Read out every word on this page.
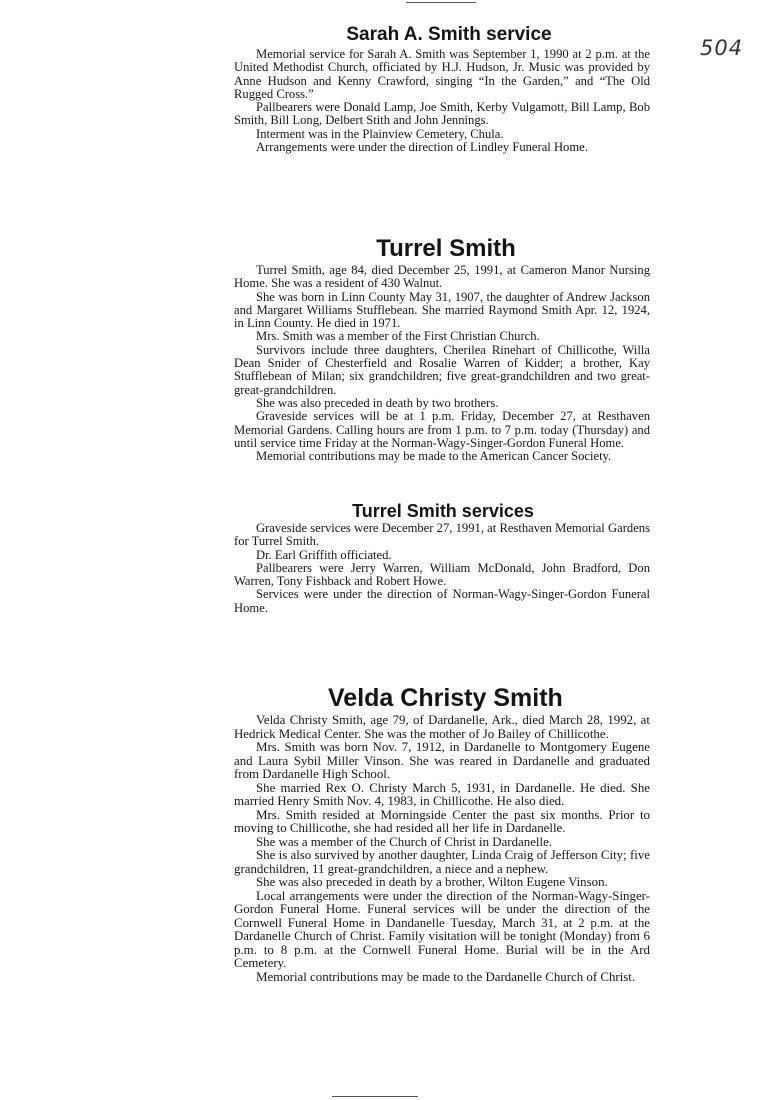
504
Sarah A. Smith service

Memorial service for Sarah A. Smith was September 1, 1990 at 2 p.m. at the United Methodist Church, officiated by H.J. Hudson, Jr. Music was provided by Anne Hudson and Kenny Crawford, singing “In the Garden,” and “The Old Rugged Cross.”

Pallbearers were Donald Lamp, Joe Smith, Kerby Vulgamott, Bill Lamp, Bob Smith, Bill Long, Delbert Stith and John Jennings.

Interment was in the Plainview Cemetery, Chula.

Arrangements were under the direction of Lindley Funeral Home.

Turrel Smith

Turrel Smith, age 84, died December 25, 1991, at Cameron Manor Nursing Home. She was a resident of 430 Walnut.

She was born in Linn County May 31, 1907, the daughter of Andrew Jackson and Margaret Williams Stufflebean. She married Raymond Smith Apr. 12, 1924, in Linn County. He died in 1971.

Mrs. Smith was a member of the First Christian Church.

Survivors include three daughters, Cherilea Rinehart of Chillicothe, Willa Dean Snider of Chesterfield and Rosalie Warren of Kidder; a brother, Kay Stufflebean of Milan; six grandchildren; five great-grandchildren and two great-great-grandchildren.

She was also preceded in death by two brothers.

Graveside services will be at 1 p.m. Friday, December 27, at Resthaven Memorial Gardens. Calling hours are from 1 p.m. to 7 p.m. today (Thursday) and until service time Friday at the Norman-Wagy-Singer-Gordon Funeral Home.

Memorial contributions may be made to the American Cancer Society.

Turrel Smith services

Graveside services were December 27, 1991, at Resthaven Memorial Gardens for Turrel Smith.

Dr. Earl Griffith officiated.

Pallbearers were Jerry Warren, William McDonald, John Bradford, Don Warren, Tony Fishback and Robert Howe.

Services were under the direction of Norman-Wagy-Singer-Gordon Funeral Home.

Velda Christy Smith

Velda Christy Smith, age 79, of Dardanelle, Ark., died March 28, 1992, at Hedrick Medical Center. She was the mother of Jo Bailey of Chillicothe.

Mrs. Smith was born Nov. 7, 1912, in Dardanelle to Montgomery Eugene and Laura Sybil Miller Vinson. She was reared in Dardanelle and graduated from Dardanelle High School.

She married Rex O. Christy March 5, 1931, in Dardanelle. He died. She married Henry Smith Nov. 4, 1983, in Chillicothe. He also died.

Mrs. Smith resided at Morningside Center the past six months. Prior to moving to Chillicothe, she had resided all her life in Dardanelle.

She was a member of the Church of Christ in Dardanelle.

She is also survived by another daughter, Linda Craig of Jefferson City; five grandchildren, 11 great-grandchildren, a niece and a nephew.

She was also preceded in death by a brother, Wilton Eugene Vinson.

Local arrangements were under the direction of the Norman-Wagy-Singer-Gordon Funeral Home. Funeral services will be under the direction of the Cornwell Funeral Home in Dandanelle Tuesday, March 31, at 2 p.m. at the Dardanelle Church of Christ. Family visitation will be tonight (Monday) from 6 p.m. to 8 p.m. at the Cornwell Funeral Home. Burial will be in the Ard Cemetery.

Memorial contributions may be made to the Dardanelle Church of Christ.
